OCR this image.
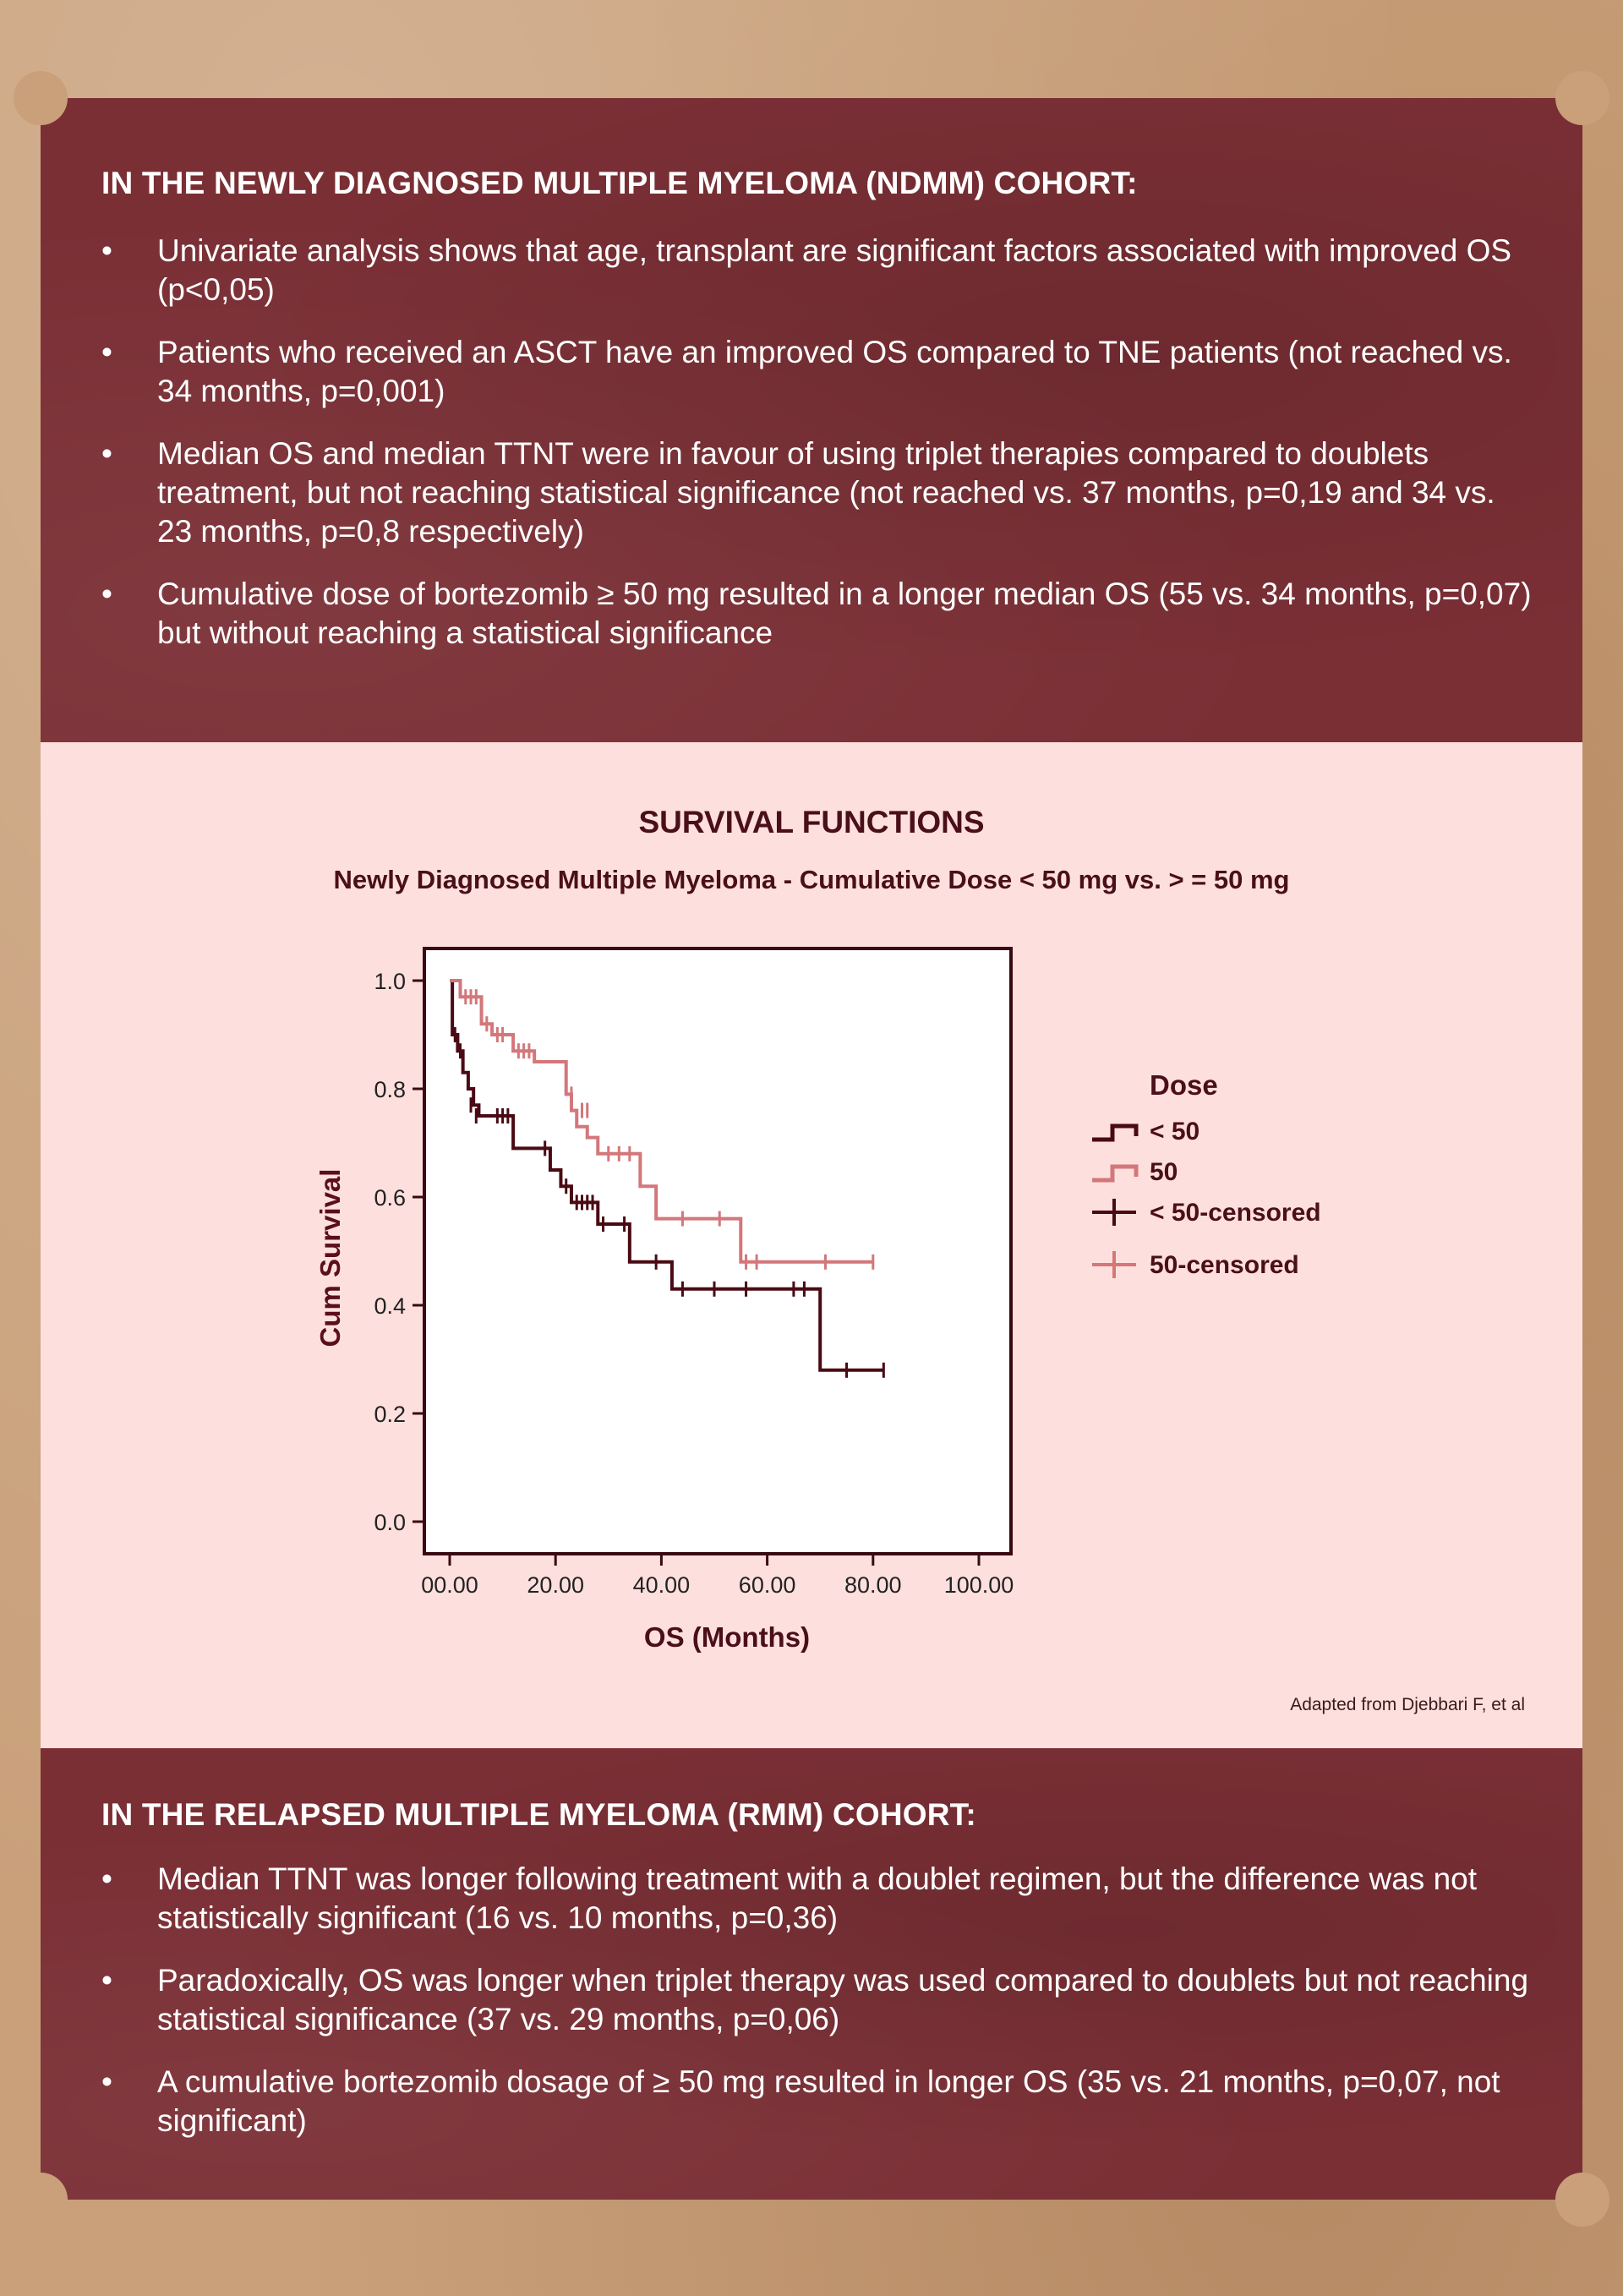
IN THE NEWLY DIAGNOSED MULTIPLE MYELOMA (NDMM) COHORT:
• Univariate analysis shows that age, transplant are significant factors associated with improved OS (p<0,05)
• Patients who received an ASCT have an improved OS compared to TNE patients (not reached vs. 34 months, p=0,001)
• Median OS and median TTNT were in favour of using triplet therapies compared to doublets treatment, but not reaching statistical significance (not reached vs. 37 months, p=0,19 and 34 vs. 23 months, p=0,8 respectively)
• Cumulative dose of bortezomib ≥ 50 mg resulted in a longer median OS (55 vs. 34 months, p=0,07) but without reaching a statistical significance
SURVIVAL FUNCTIONS
Newly Diagnosed Multiple Myeloma - Cumulative Dose < 50 mg vs. > = 50 mg
1.0
0.8
0.6
0.4
0.2
0.0
00.00 20.00 40.00 60.00 80.00 100.00
Cum Survival
OS (Months)
Dose
< 50
50
< 50-censored
50-censored
Adapted from Djebbari F, et al
IN THE RELAPSED MULTIPLE MYELOMA (RMM) COHORT:
• Median TTNT was longer following treatment with a doublet regimen, but the difference was not statistically significant (16 vs. 10 months, p=0,36)
• Paradoxically, OS was longer when triplet therapy was used compared to doublets but not reaching statistical significance (37 vs. 29 months, p=0,06)
• A cumulative bortezomib dosage of ≥ 50 mg resulted in longer OS (35 vs. 21 months, p=0,07, not significant)
